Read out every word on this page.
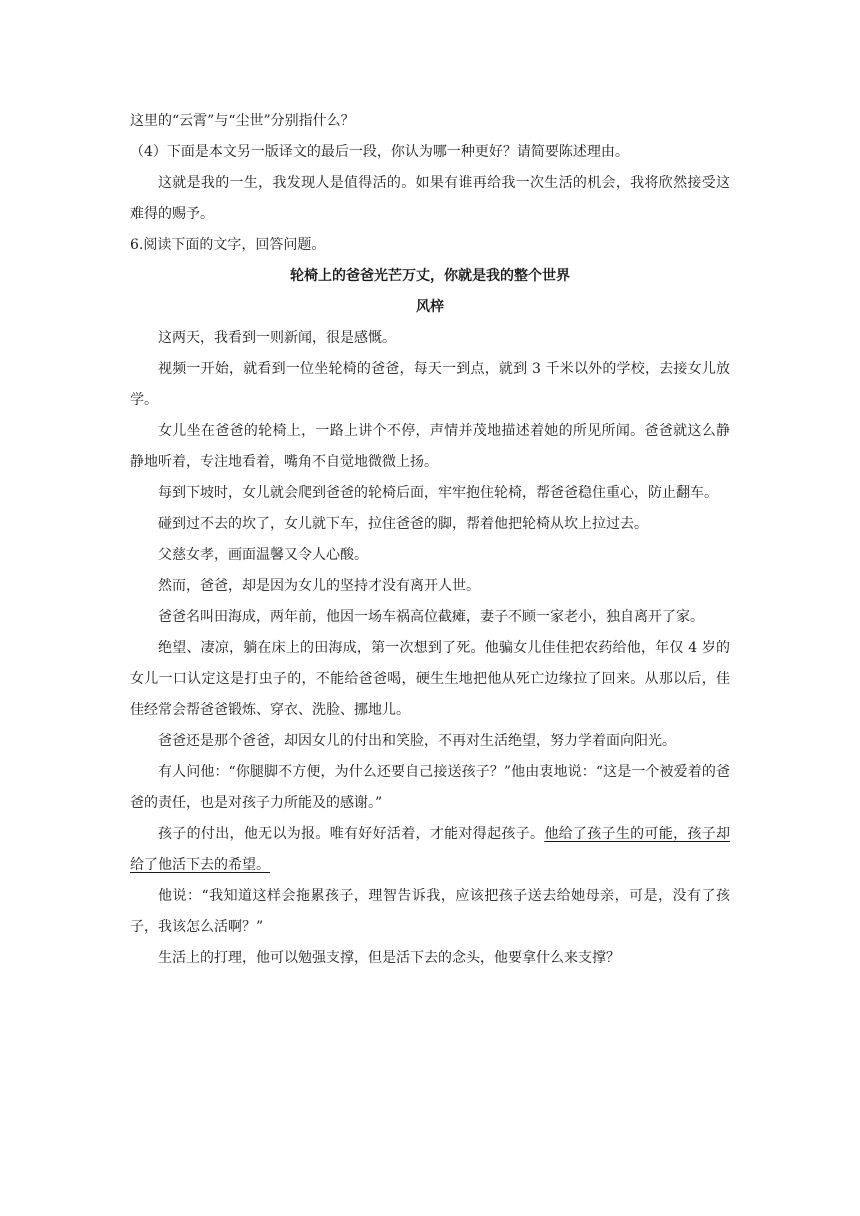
这里的“云霄”与“尘世”分别指什么？
（4）下面是本文另一版译文的最后一段，你认为哪一种更好？请简要陈述理由。

这就是我的一生，我发现人是值得活的。如果有谁再给我一次生活的机会，我将欣然接受这难得的赐予。

6.阅读下面的文字，回答问题。

轮椅上的爸爸光芒万丈，你就是我的整个世界

风梓

这两天，我看到一则新闻，很是感慨。

视频一开始，就看到一位坐轮椅的爸爸，每天一到点，就到 3 千米以外的学校，去接女儿放学。

女儿坐在爸爸的轮椅上，一路上讲个不停，声情并茂地描述着她的所见所闻。爸爸就这么静静地听着，专注地看着，嘴角不自觉地微微上扬。

每到下坡时，女儿就会爬到爸爸的轮椅后面，牢牢抱住轮椅，帮爸爸稳住重心，防止翻车。

碰到过不去的坎了，女儿就下车，拉住爸爸的脚，帮着他把轮椅从坎上拉过去。

父慈女孝，画面温馨又令人心酸。

然而，爸爸，却是因为女儿的坚持才没有离开人世。

爸爸名叫田海成，两年前，他因一场车祸高位截瘫，妻子不顾一家老小，独自离开了家。

绝望、凄凉，躺在床上的田海成，第一次想到了死。他骗女儿佳佳把农药给他，年仅 4 岁的女儿一口认定这是打虫子的，不能给爸爸喝，硬生生地把他从死亡边缘拉了回来。从那以后，佳佳经常会帮爸爸锻炼、穿衣、洗脸、挪地儿。

爸爸还是那个爸爸，却因女儿的付出和笑脸，不再对生活绝望，努力学着面向阳光。

有人问他：“你腿脚不方便，为什么还要自己接送孩子？”他由衷地说：“这是一个被爱着的爸爸的责任，也是对孩子力所能及的感谢。”

孩子的付出，他无以为报。唯有好好活着，才能对得起孩子。他给了孩子生的可能，孩子却给了他活下去的希望。

他说：“我知道这样会拖累孩子，理智告诉我，应该把孩子送去给她母亲，可是，没有了孩子，我该怎么活啊？”

生活上的打理，他可以勉强支撑，但是活下去的念头，他要拿什么来支撑？
